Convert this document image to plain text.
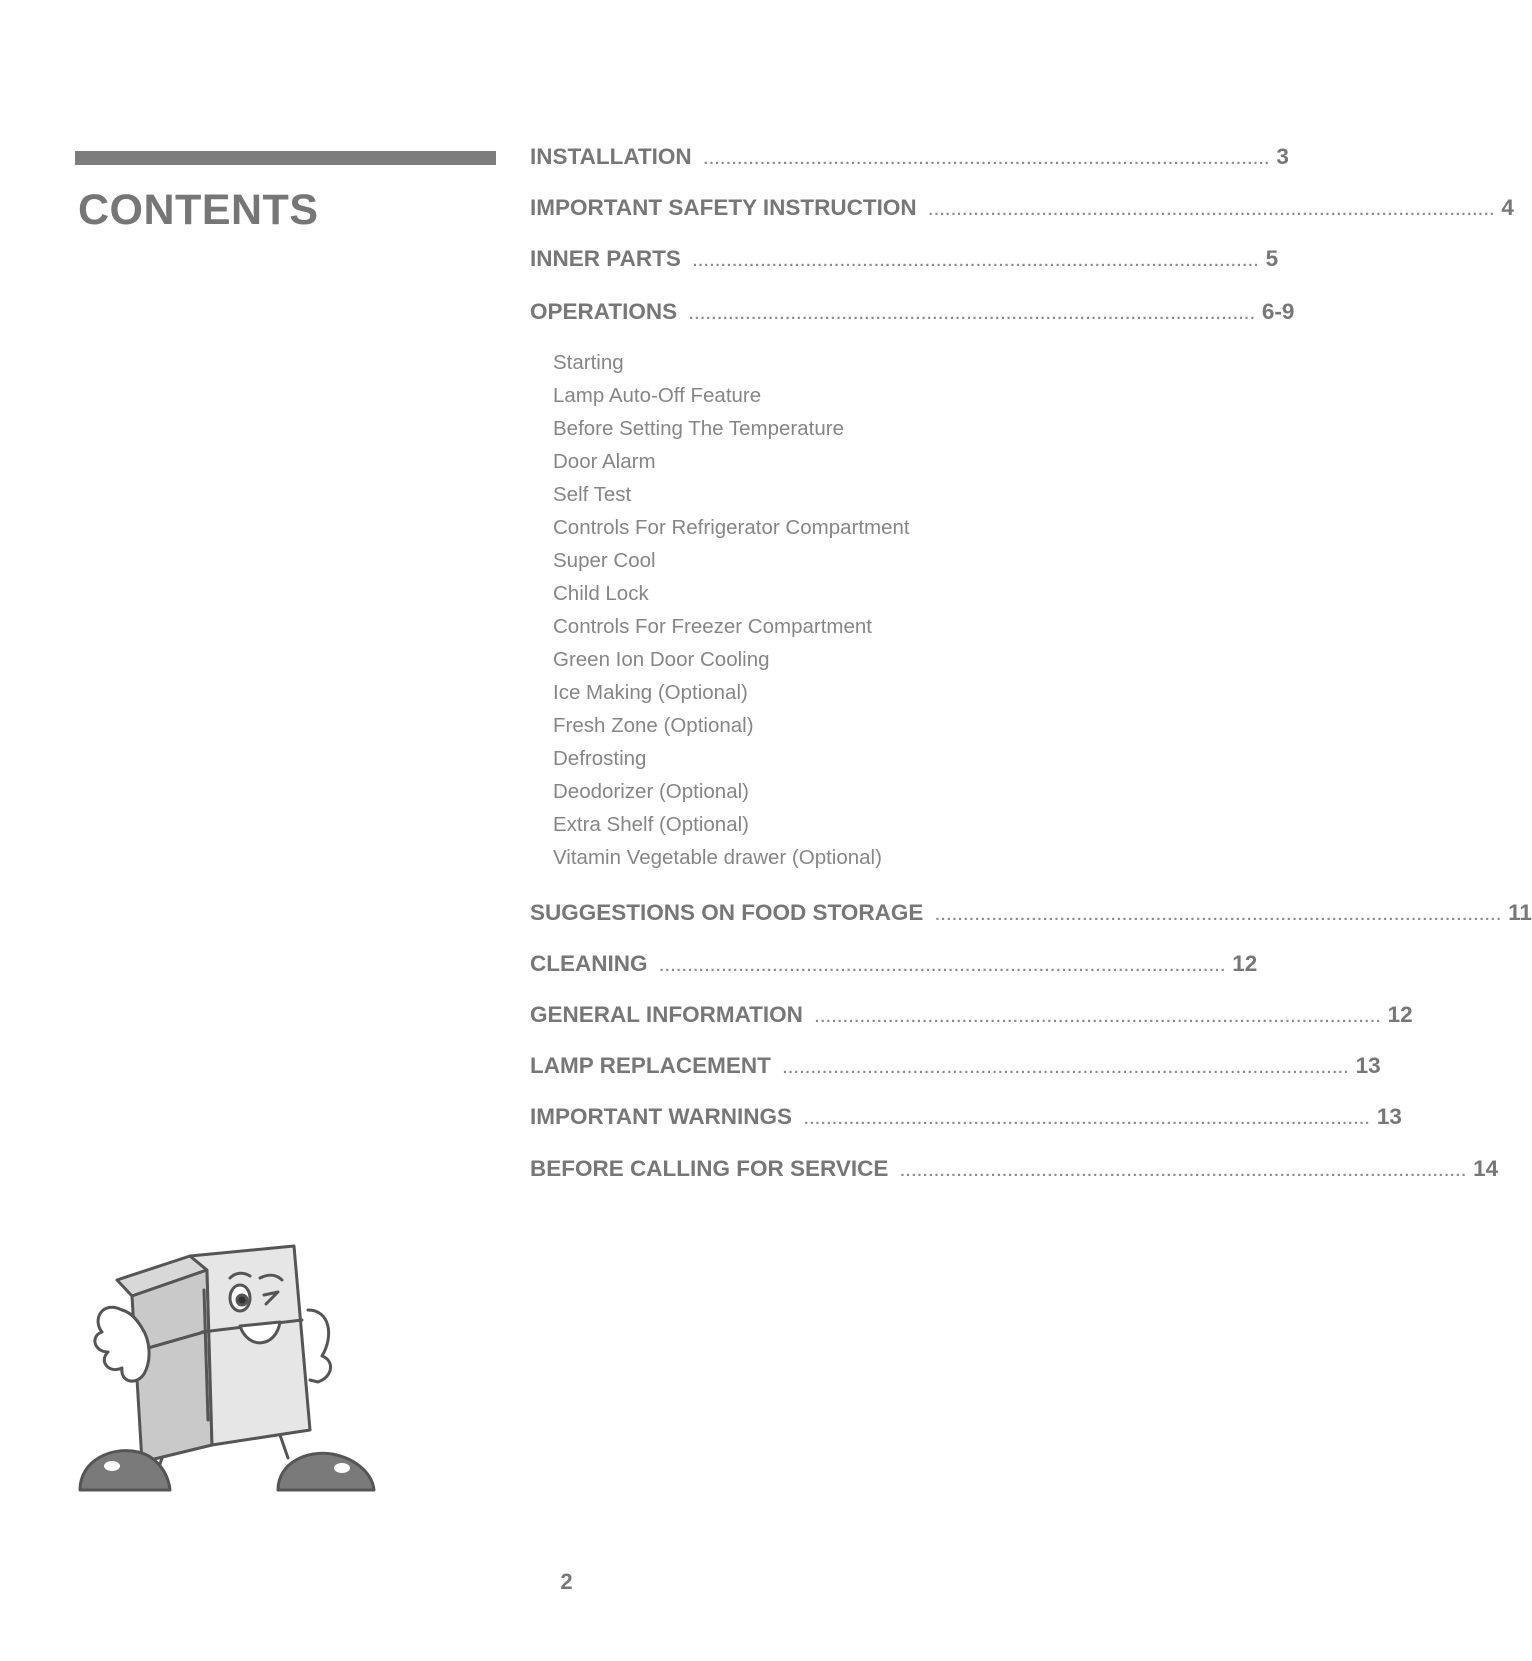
CONTENTS
INSTALLATION .................................................................................................... 3
IMPORTANT SAFETY INSTRUCTION .................................................................................................... 4
INNER PARTS .................................................................................................... 5
OPERATIONS .................................................................................................... 6-9
SUGGESTIONS ON FOOD STORAGE .................................................................................................... 11
CLEANING .................................................................................................... 12
GENERAL INFORMATION .................................................................................................... 12
LAMP REPLACEMENT .................................................................................................... 13
IMPORTANT WARNINGS .................................................................................................... 13
BEFORE CALLING FOR SERVICE .................................................................................................... 14
Starting
Lamp Auto-Off Feature
Before Setting The Temperature
Door Alarm
Self Test
Controls For Refrigerator Compartment
Super Cool
Child Lock
Controls For Freezer Compartment
Green Ion Door Cooling
Ice Making (Optional)
Fresh Zone (Optional)
Defrosting
Deodorizer (Optional)
Extra Shelf (Optional)
Vitamin Vegetable drawer (Optional)
2
